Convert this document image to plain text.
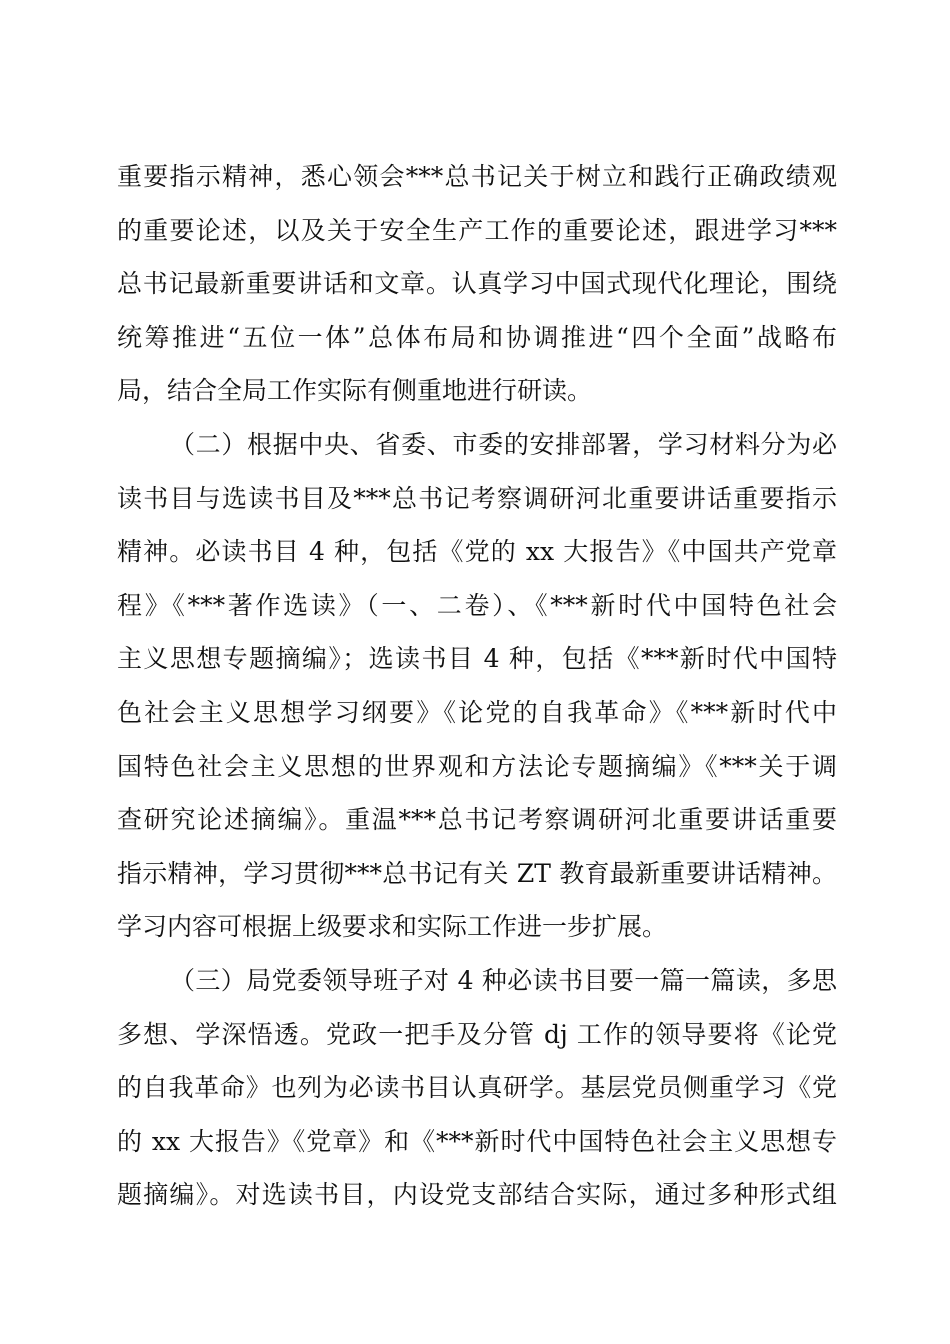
重要指示精神，悉心领会***总书记关于树立和践行正确政绩观
的重要论述，以及关于安全生产工作的重要论述，跟进学习***
总书记最新重要讲话和文章。认真学习中国式现代化理论，围绕
统筹推进“五位一体”总体布局和协调推进“四个全面”战略布
局，结合全局工作实际有侧重地进行研读。
（二）根据中央、省委、市委的安排部署，学习材料分为必
读书目与选读书目及***总书记考察调研河北重要讲话重要指示
精神。必读书目 4 种，包括《党的 xx 大报告》《中国共产党章
程》《***著作选读》（一、二卷）、《***新时代中国特色社会
主义思想专题摘编》；选读书目 4 种，包括《***新时代中国特
色社会主义思想学习纲要》《论党的自我革命》《***新时代中
国特色社会主义思想的世界观和方法论专题摘编》《***关于调
查研究论述摘编》。重温***总书记考察调研河北重要讲话重要
指示精神，学习贯彻***总书记有关 ZT 教育最新重要讲话精神。
学习内容可根据上级要求和实际工作进一步扩展。
（三）局党委领导班子对 4 种必读书目要一篇一篇读，多思
多想、学深悟透。党政一把手及分管 dj 工作的领导要将《论党
的自我革命》也列为必读书目认真研学。基层党员侧重学习《党
的 xx 大报告》《党章》和《***新时代中国特色社会主义思想专
题摘编》。对选读书目，内设党支部结合实际，通过多种形式组
